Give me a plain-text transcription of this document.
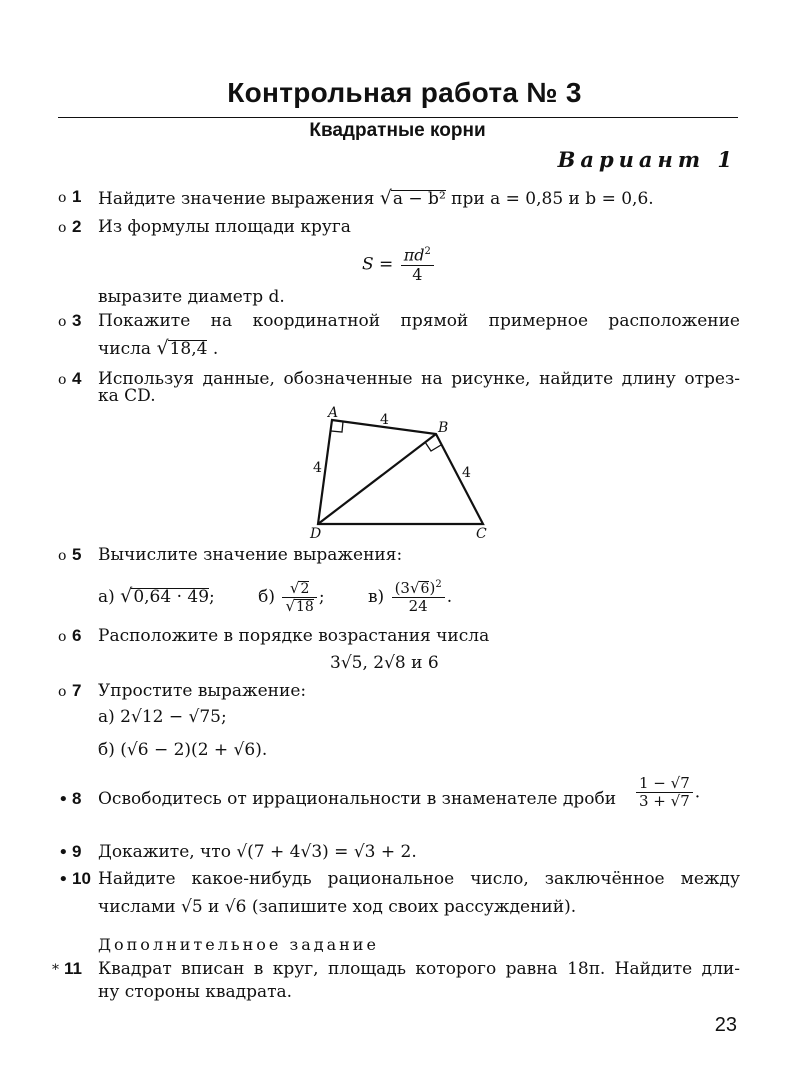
Контрольная работа № 3
Квадратные корни
Вариант 1
o 1 Найдите значение выражения √a − b² при a = 0,85 и b = 0,6.
o 2 Из формулы площади круга
$S = \frac{\pi d^2}{4}$
выразите диаметр d.
o 3 Покажите на координатной прямой примерное расположение
числа √18,4 .
o 4 Используя данные, обозначенные на рисунке, найдите длину отрез-
ка CD.
A
B
C
D
4
4	4
o 5 Вычислите значение выражения:
а) √0,64 · 49; $б) \frac{√2}{√18}$ ; $в) \frac{(3√6)^2}{24}$ .
o 6 Расположите в порядке возрастания числа
3√5, 2√8 и 6
o 7 Упростите выражение:
а) 2√12 − √75;
б) (√6 − 2)(2 + √6).
• 8 Освободитесь от иррациональности в знаменателе дроби $\frac{1 - √7}{3 + √7}$ .
• 9 Докажите, что √(7 + 4√3) = √3 + 2.
• 10 Найдите какое-нибудь рациональное число, заключённое между
числами √5 и √6 (запишите ход своих рассуждений).
Дополнительное задание
* 11 Квадрат вписан в круг, площадь которого равна 18π. Найдите дли-
ну стороны квадрата.
23
